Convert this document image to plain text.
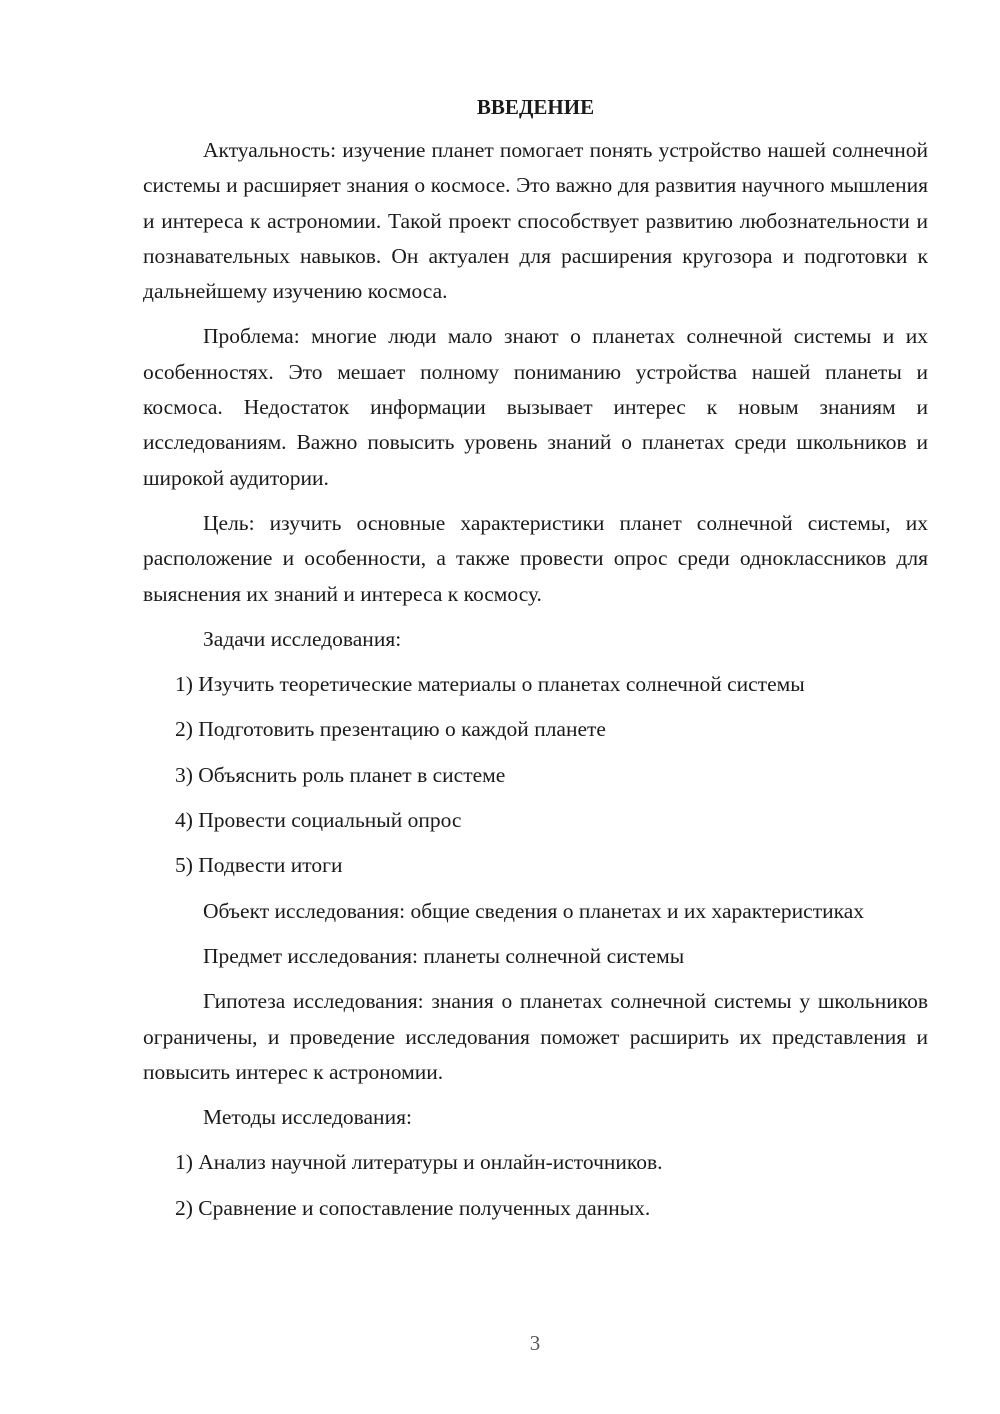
ВВЕДЕНИЕ

Актуальность: изучение планет помогает понять устройство нашей солнечной системы и расширяет знания о космосе. Это важно для развития научного мышления и интереса к астрономии. Такой проект способствует развитию любознательности и познавательных навыков. Он актуален для расширения кругозора и подготовки к дальнейшему изучению космоса.

Проблема: многие люди мало знают о планетах солнечной системы и их особенностях. Это мешает полному пониманию устройства нашей планеты и космоса. Недостаток информации вызывает интерес к новым знаниям и исследованиям. Важно повысить уровень знаний о планетах среди школьников и широкой аудитории.

Цель: изучить основные характеристики планет солнечной системы, их расположение и особенности, а также провести опрос среди одноклассников для выяснения их знаний и интереса к космосу.

Задачи исследования:

1) Изучить теоретические материалы о планетах солнечной системы
2) Подготовить презентацию о каждой планете
3) Объяснить роль планет в системе
4) Провести социальный опрос
5) Подвести итоги

Объект исследования: общие сведения о планетах и их характеристиках

Предмет исследования: планеты солнечной системы

Гипотеза исследования: знания о планетах солнечной системы у школьников ограничены, и проведение исследования поможет расширить их представления и повысить интерес к астрономии.

Методы исследования:

1) Анализ научной литературы и онлайн-источников.
2) Сравнение и сопоставление полученных данных.
3
